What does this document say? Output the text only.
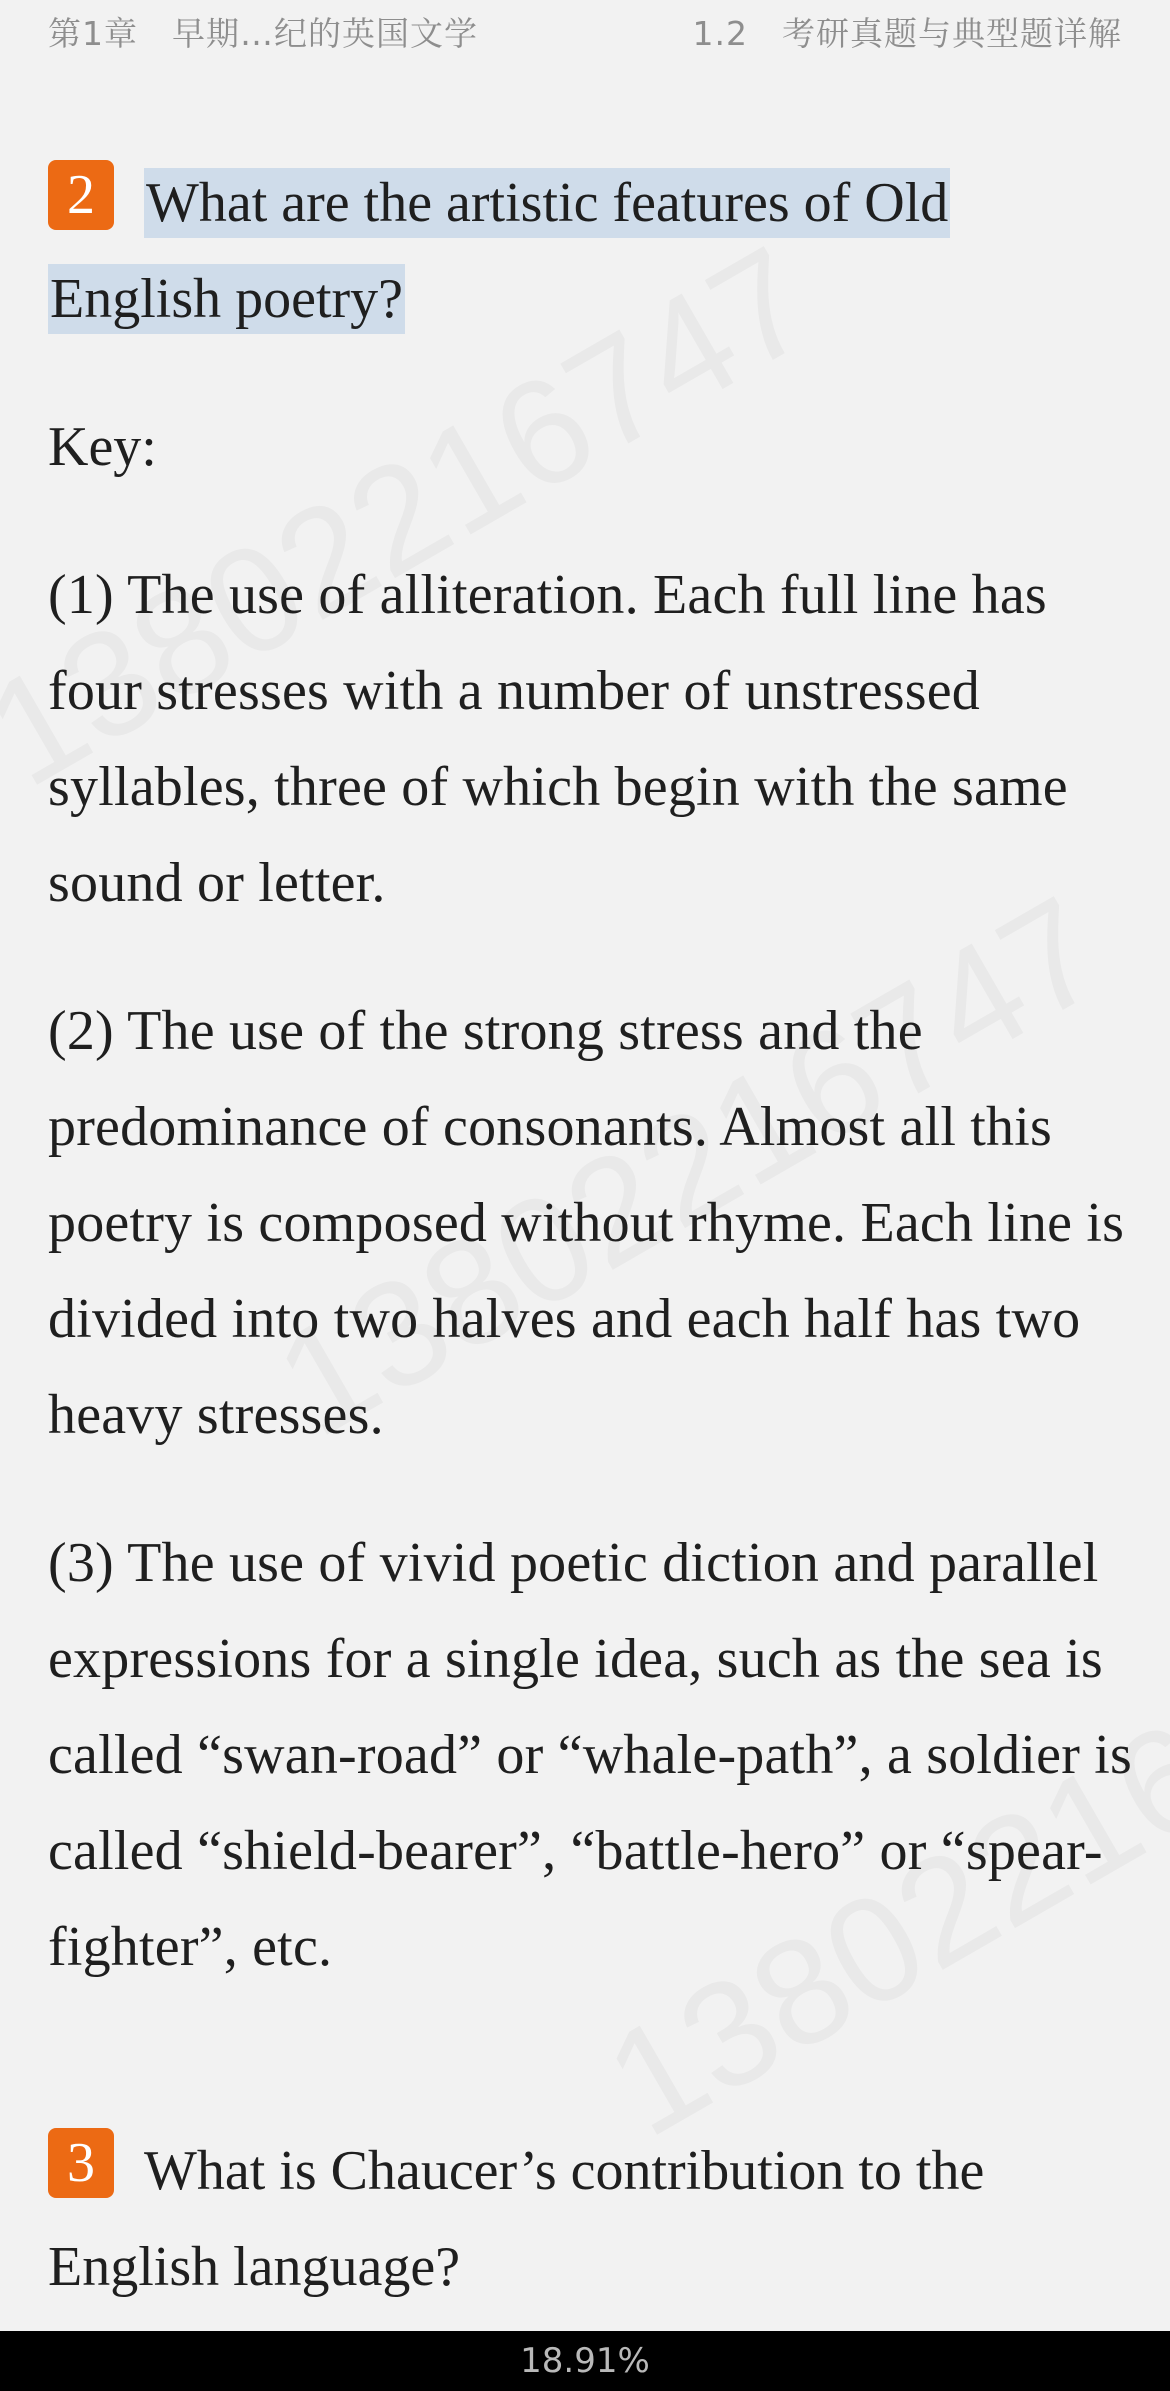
第1章　早期…纪的英国文学	1.2　考研真题与典型题详解

2 What are the artistic features of Old English poetry?

Key:

(1) The use of alliteration. Each full line has four stresses with a number of unstressed syllables, three of which begin with the same sound or letter.

(2) The use of the strong stress and the predominance of consonants. Almost all this poetry is composed without rhyme. Each line is divided into two halves and each half has two heavy stresses.

(3) The use of vivid poetic diction and parallel expressions for a single idea, such as the sea is called “swan-road” or “whale-path”, a soldier is called “shield-bearer”, “battle-hero” or “spear-fighter”, etc.

3 What is Chaucer’s contribution to the English language?

18.91%
